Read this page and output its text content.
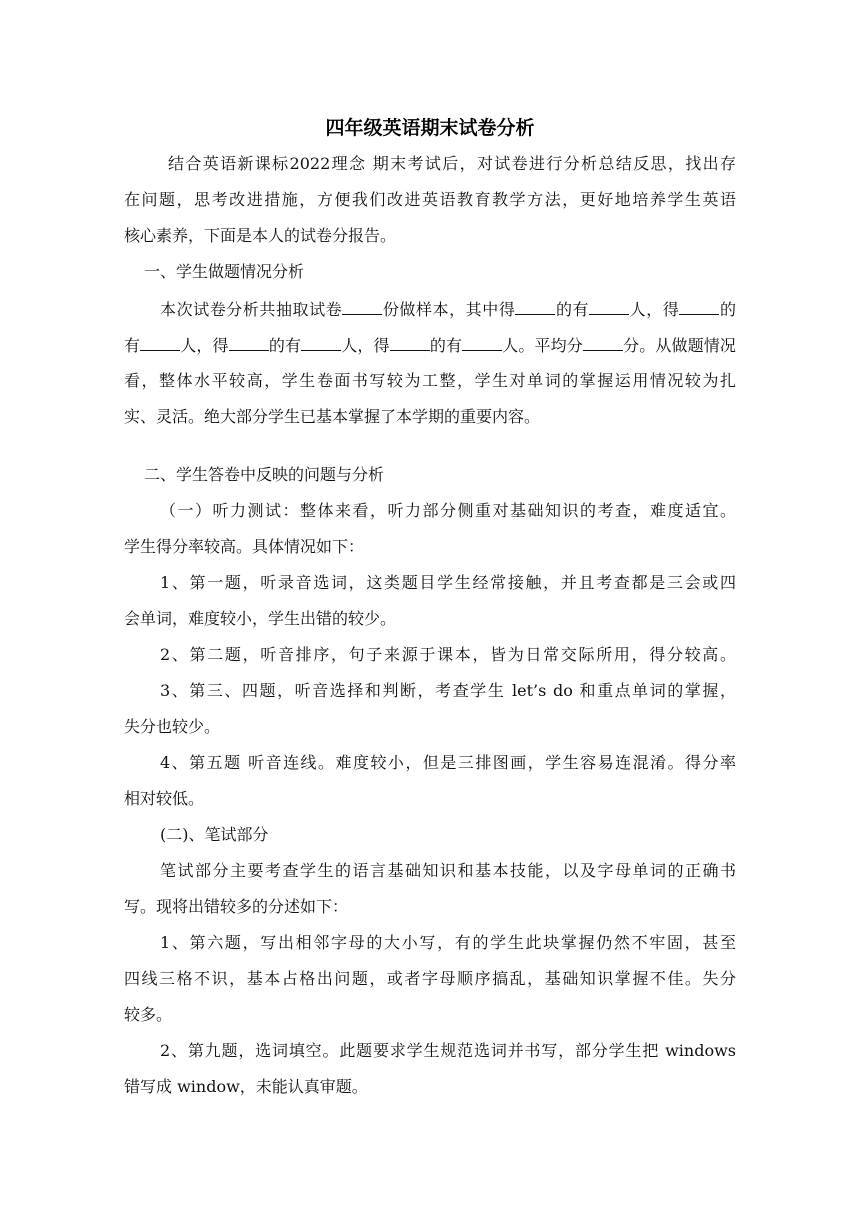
四年级英语期末试卷分析
结合英语新课标2022理念 期末考试后，对试卷进行分析总结反思，找出存
在问题，思考改进措施，方便我们改进英语教育教学方法，更好地培养学生英语
核心素养，下面是本人的试卷分报告。
一、学生做题情况分析
本次试卷分析共抽取试卷	份做样本，其中得	的有	人，得	的
有	人，得	的有	人，得	的有	人。平均分	分。从做题情况
看，整体水平较高，学生卷面书写较为工整，学生对单词的掌握运用情况较为扎
实、灵活。绝大部分学生已基本掌握了本学期的重要内容。
二、学生答卷中反映的问题与分析
（一）听力测试：整体来看，听力部分侧重对基础知识的考查，难度适宜。
学生得分率较高。具体情况如下：
1、第一题，听录音选词，这类题目学生经常接触，并且考查都是三会或四
会单词，难度较小，学生出错的较少。
2、第二题，听音排序，句子来源于课本，皆为日常交际所用，得分较高。
3、第三、四题，听音选择和判断，考查学生 let’s do 和重点单词的掌握，
失分也较少。
4、第五题 听音连线。难度较小，但是三排图画，学生容易连混淆。得分率
相对较低。
(二)、笔试部分
笔试部分主要考查学生的语言基础知识和基本技能，以及字母单词的正确书
写。现将出错较多的分述如下：
1、第六题，写出相邻字母的大小写，有的学生此块掌握仍然不牢固，甚至
四线三格不识，基本占格出问题，或者字母顺序搞乱，基础知识掌握不佳。失分
较多。
2、第九题，选词填空。此题要求学生规范选词并书写，部分学生把 windows
错写成 window，未能认真审题。
